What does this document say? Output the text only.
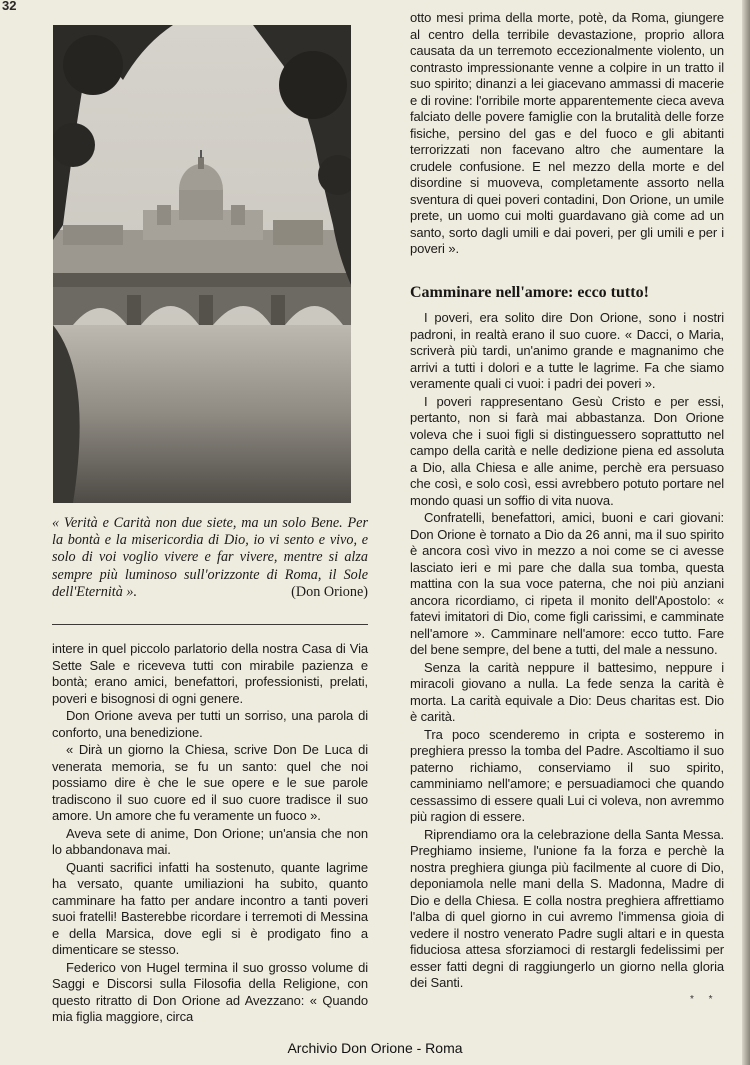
32
« Verità e Carità non due siete, ma un solo Bene. Per la bontà e la misericordia di Dio, io vi sento e vivo, e solo di voi voglio vivere e far vivere, mentre si alza sempre più luminoso sull'orizzonte di Roma, il Sole dell'Eternità ».	(Don Orione)

intere in quel piccolo parlatorio della nostra Casa di Via Sette Sale e riceveva tutti con mirabile pazienza e bontà; erano amici, benefattori, professionisti, prelati, poveri e bisognosi di ogni genere.

Don Orione aveva per tutti un sorriso, una parola di conforto, una benedizione.

« Dirà un giorno la Chiesa, scrive Don De Luca di venerata memoria, se fu un santo: quel che noi possiamo dire è che le sue opere e le sue parole tradiscono il suo cuore ed il suo cuore tradisce il suo amore. Un amore che fu veramente un fuoco ».

Aveva sete di anime, Don Orione; un'ansia che non lo abbandonava mai.

Quanti sacrifici infatti ha sostenuto, quante lagrime ha versato, quante umiliazioni ha subito, quanto camminare ha fatto per andare incontro a tanti poveri suoi fratelli! Basterebbe ricordare i terremoti di Messina e della Marsica, dove egli si è prodigato fino a dimenticare se stesso.

Federico von Hugel termina il suo grosso volume di Saggi e Discorsi sulla Filosofia della Religione, con questo ritratto di Don Orione ad Avezzano: « Quando mia figlia maggiore, circa

otto mesi prima della morte, potè, da Roma, giungere al centro della terribile devastazione, proprio allora causata da un terremoto eccezionalmente violento, un contrasto impressionante venne a colpire in un tratto il suo spirito; dinanzi a lei giacevano ammassi di macerie e di rovine: l'orribile morte apparentemente cieca aveva falciato delle povere famiglie con la brutalità delle forze fisiche, persino del gas e del fuoco e gli abitanti terrorizzati non facevano altro che aumentare la crudele confusione. E nel mezzo della morte e del disordine si muoveva, completamente assorto nella sventura di quei poveri contadini, Don Orione, un umile prete, un uomo cui molti guardavano già come ad un santo, sorto dagli umili e dai poveri, per gli umili e per i poveri ».

Camminare nell'amore: ecco tutto!

I poveri, era solito dire Don Orione, sono i nostri padroni, in realtà erano il suo cuore. « Dacci, o Maria, scriverà più tardi, un'animo grande e magnanimo che arrivi a tutti i dolori e a tutte le lagrime. Fa che siamo veramente quali ci vuoi: i padri dei poveri ».

I poveri rappresentano Gesù Cristo e per essi, pertanto, non si farà mai abbastanza. Don Orione voleva che i suoi figli si distinguessero soprattutto nel campo della carità e nelle dedizione piena ed assoluta a Dio, alla Chiesa e alle anime, perchè era persuaso che così, e solo così, essi avrebbero potuto portare nel mondo quasi un soffio di vita nuova.

Confratelli, benefattori, amici, buoni e cari giovani: Don Orione è tornato a Dio da 26 anni, ma il suo spirito è ancora così vivo in mezzo a noi come se ci avesse lasciato ieri e mi pare che dalla sua tomba, questa mattina con la sua voce paterna, che noi più anziani ancora ricordiamo, ci ripeta il monito dell'Apostolo: « fatevi imitatori di Dio, come figli carissimi, e camminate nell'amore ». Camminare nell'amore: ecco tutto. Fare del bene sempre, del bene a tutti, del male a nessuno.

Senza la carità neppure il battesimo, neppure i miracoli giovano a nulla. La fede senza la carità è morta. La carità equivale a Dio: Deus charitas est. Dio è carità.

Tra poco scenderemo in cripta e sosteremo in preghiera presso la tomba del Padre. Ascoltiamo il suo paterno richiamo, conserviamo il suo spirito, camminiamo nell'amore; e persuadiamoci che quando cessassimo di essere quali Lui ci voleva, non avremmo più ragion di essere.

Riprendiamo ora la celebrazione della Santa Messa. Preghiamo insieme, l'unione fa la forza e perchè la nostra preghiera giunga più facilmente al cuore di Dio, deponiamola nelle mani della S. Madonna, Madre di Dio e della Chiesa. E colla nostra preghiera affrettiamo l'alba di quel giorno in cui avremo l'immensa gioia di vedere il nostro venerato Padre sugli altari e in questa fiduciosa attesa sforziamoci di restargli fedelissimi per esser fatti degni di raggiungerlo un giorno nella gloria dei Santi.

* *
Archivio Don Orione - Roma
